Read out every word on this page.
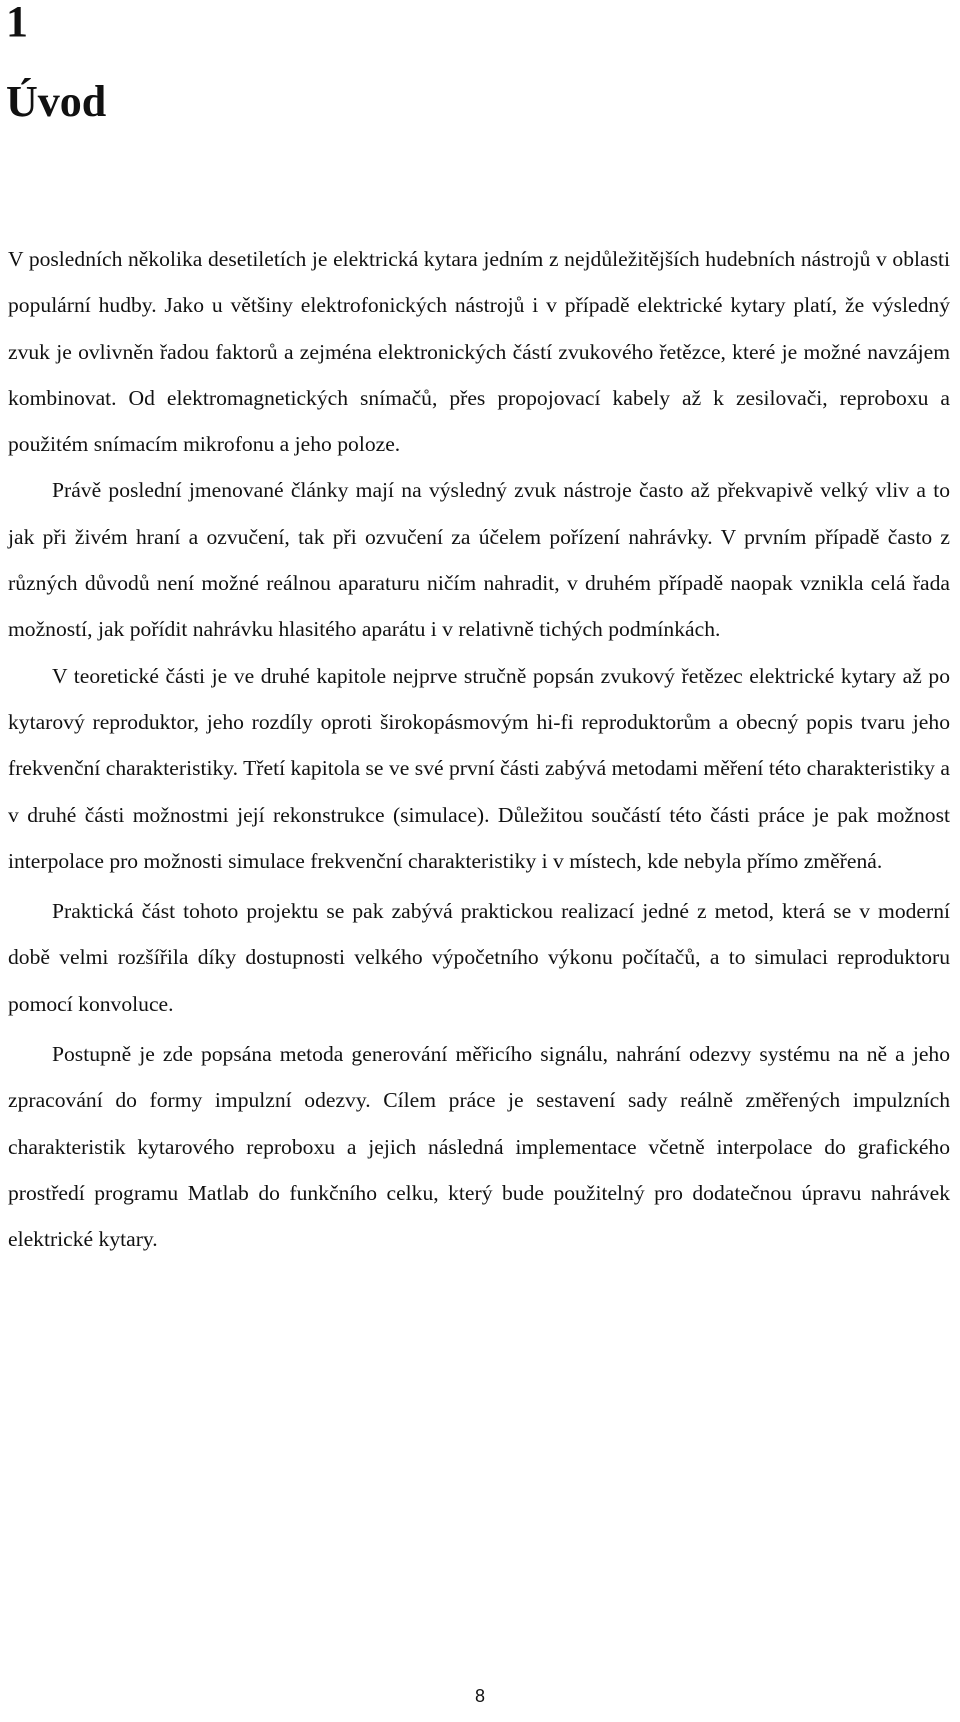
1
Úvod

V posledních několika desetiletích je elektrická kytara jedním z nejdůležitějších hudebních nástrojů v oblasti populární hudby. Jako u většiny elektrofonických nástrojů i v případě elektrické kytary platí, že výsledný zvuk je ovlivněn řadou faktorů a zejména elektronických částí zvukového řetězce, které je možné navzájem kombinovat. Od elektromagnetických snímačů, přes propojovací kabely až k zesilovači, reproboxu a použitém snímacím mikrofonu a jeho poloze.

Právě poslední jmenované články mají na výsledný zvuk nástroje často až překvapivě velký vliv a to jak při živém hraní a ozvučení, tak při ozvučení za účelem pořízení nahrávky. V prvním případě často z různých důvodů není možné reálnou aparaturu ničím nahradit, v druhém případě naopak vznikla celá řada možností, jak pořídit nahrávku hlasitého aparátu i v relativně tichých podmínkách.

V teoretické části je ve druhé kapitole nejprve stručně popsán zvukový řetězec elektrické kytary až po kytarový reproduktor, jeho rozdíly oproti širokopásmovým hi-fi reproduktorům a obecný popis tvaru jeho frekvenční charakteristiky. Třetí kapitola se ve své první části zabývá metodami měření této charakteristiky a v druhé části možnostmi její rekonstrukce (simulace). Důležitou součástí této části práce je pak možnost interpolace pro možnosti simulace frekvenční charakteristiky i v místech, kde nebyla přímo změřená.

Praktická část tohoto projektu se pak zabývá praktickou realizací jedné z metod, která se v moderní době velmi rozšířila díky dostupnosti velkého výpočetního výkonu počítačů, a to simulaci reproduktoru pomocí konvoluce.

Postupně je zde popsána metoda generování měřicího signálu, nahrání odezvy systému na ně a jeho zpracování do formy impulzní odezvy. Cílem práce je sestavení sady reálně změřených impulzních charakteristik kytarového reproboxu a jejich následná implementace včetně interpolace do grafického prostředí programu Matlab do funkčního celku, který bude použitelný pro dodatečnou úpravu nahrávek elektrické kytary.

8
